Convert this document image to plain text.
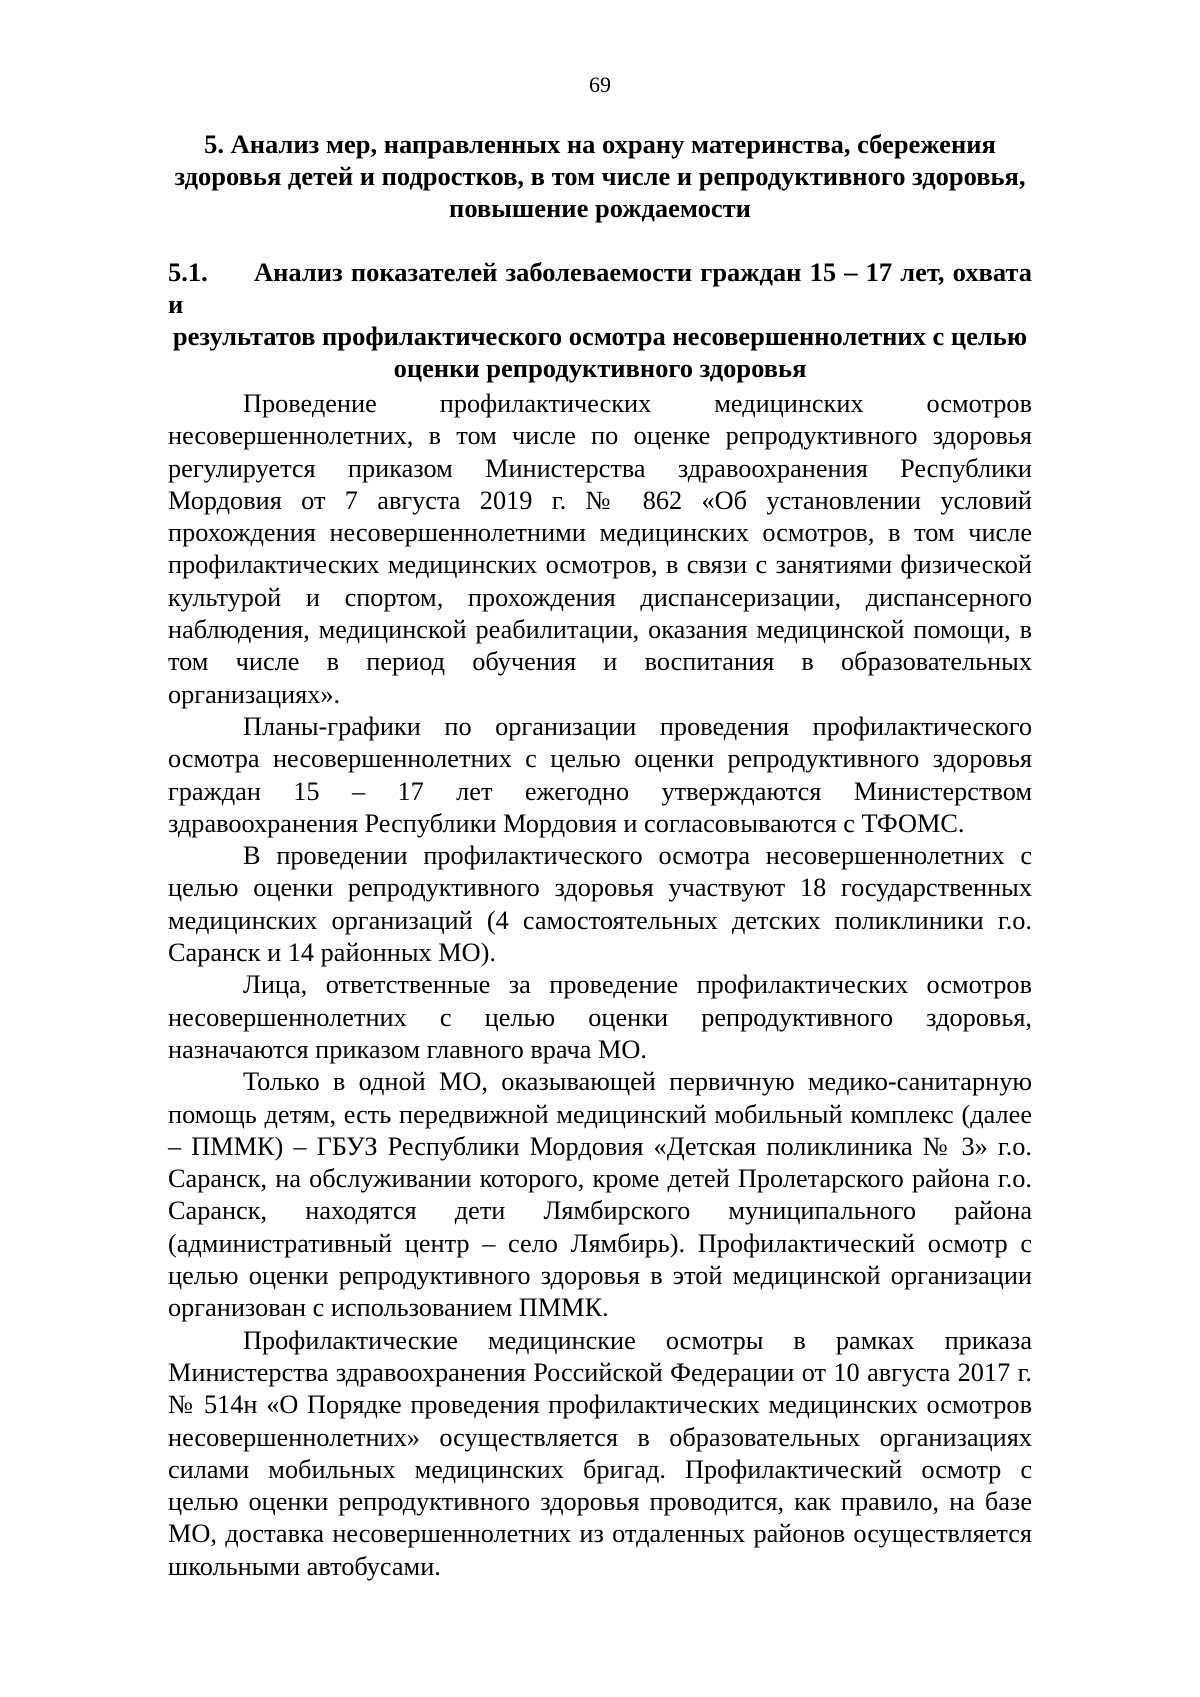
69
5. Анализ мер, направленных на охрану материнства, сбережения здоровья детей и подростков, в том числе и репродуктивного здоровья, повышение рождаемости
5.1. Анализ показателей заболеваемости граждан 15 – 17 лет, охвата и
результатов профилактического осмотра несовершеннолетних с целью оценки репродуктивного здоровья

Проведение профилактических медицинских осмотров несовершеннолетних, в том числе по оценке репродуктивного здоровья регулируется приказом Министерства здравоохранения Республики Мордовия от 7 августа 2019 г. № 862 «Об установлении условий прохождения несовершеннолетними медицинских осмотров, в том числе профилактических медицинских осмотров, в связи с занятиями физической культурой и спортом, прохождения диспансеризации, диспансерного наблюдения, медицинской реабилитации, оказания медицинской помощи, в том числе в период обучения и воспитания в образовательных организациях».

Планы-графики по организации проведения профилактического осмотра несовершеннолетних с целью оценки репродуктивного здоровья граждан 15 – 17 лет ежегодно утверждаются Министерством здравоохранения Республики Мордовия и согласовываются с ТФОМС.

В проведении профилактического осмотра несовершеннолетних с целью оценки репродуктивного здоровья участвуют 18 государственных медицинских организаций (4 самостоятельных детских поликлиники г.о. Саранск и 14 районных МО).

Лица, ответственные за проведение профилактических осмотров несовершеннолетних с целью оценки репродуктивного здоровья, назначаются приказом главного врача МО.

Только в одной МО, оказывающей первичную медико-санитарную помощь детям, есть передвижной медицинский мобильный комплекс (далее – ПММК) – ГБУЗ Республики Мордовия «Детская поликлиника № 3» г.о. Саранск, на обслуживании которого, кроме детей Пролетарского района г.о. Саранск, находятся дети Лямбирского муниципального района (административный центр – село Лямбирь). Профилактический осмотр с целью оценки репродуктивного здоровья в этой медицинской организации организован с использованием ПММК.

Профилактические медицинские осмотры в рамках приказа Министерства здравоохранения Российской Федерации от 10 августа 2017 г. № 514н «О Порядке проведения профилактических медицинских осмотров несовершеннолетних» осуществляется в образовательных организациях силами мобильных медицинских бригад. Профилактический осмотр с целью оценки репродуктивного здоровья проводится, как правило, на базе МО, доставка несовершеннолетних из отдаленных районов осуществляется школьными автобусами.
